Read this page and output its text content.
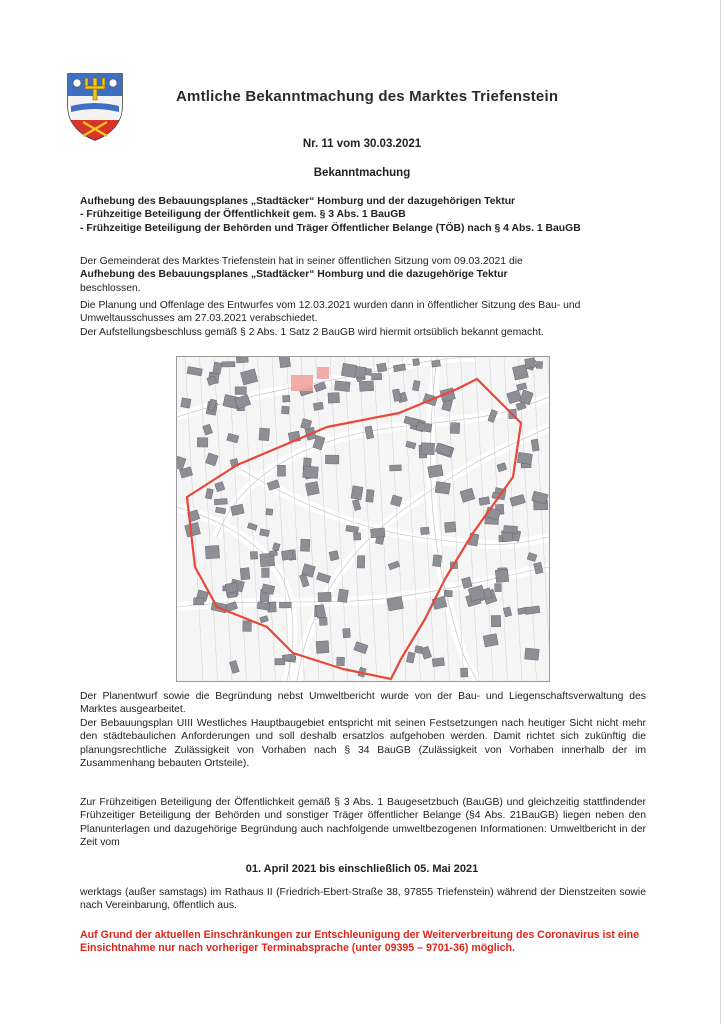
Amtliche Bekanntmachung des Marktes Triefenstein
Nr. 11 vom 30.03.2021
Bekanntmachung
Aufhebung des Bebauungsplanes „Stadtäcker“ Homburg und der dazugehörigen Tektur
- Frühzeitige Beteiligung der Öffentlichkeit gem. § 3 Abs. 1 BauGB
- Frühzeitige Beteiligung der Behörden und Träger Öffentlicher Belange (TÖB) nach § 4 Abs. 1 BauGB
Der Gemeinderat des Marktes Triefenstein hat in seiner öffentlichen Sitzung vom 09.03.2021 die
Aufhebung des Bebauungsplanes „Stadtäcker“ Homburg und die dazugehörige Tektur
beschlossen.
Die Planung und Offenlage des Entwurfes vom 12.03.2021 wurden dann in öffentlicher Sitzung des Bau- und Umweltausschusses am 27.03.2021 verabschiedet.
Der Aufstellungsbeschluss gemäß § 2 Abs. 1 Satz 2 BauGB wird hiermit ortsüblich bekannt gemacht.
Der Planentwurf sowie die Begründung nebst Umweltbericht wurde von der Bau- und Liegenschaftsverwaltung des Marktes ausgearbeitet.
Der Bebauungsplan UIII Westliches Hauptbaugebiet entspricht mit seinen Festsetzungen nach heutiger Sicht nicht mehr den städtebaulichen Anforderungen und soll deshalb ersatzlos aufgehoben werden. Damit richtet sich zukünftig die planungsrechtliche Zulässigkeit von Vorhaben nach § 34 BauGB (Zulässigkeit von Vorhaben innerhalb der im Zusammenhang bebauten Ortsteile).
Zur Frühzeitigen Beteiligung der Öffentlichkeit gemäß § 3 Abs. 1 Baugesetzbuch (BauGB) und gleichzeitig stattfindender Frühzeitiger Beteiligung der Behörden und sonstiger Träger öffentlicher Belange (§4 Abs. 21BauGB) liegen neben den Planunterlagen und dazugehörige Begründung auch nachfolgende umweltbezogenen Informationen: Umweltbericht in der Zeit vom
01. April 2021 bis einschließlich 05. Mai 2021
werktags (außer samstags) im Rathaus II (Friedrich-Ebert-Straße 38, 97855 Triefenstein) während der Dienstzeiten sowie nach Vereinbarung, öffentlich aus.
Auf Grund der aktuellen Einschränkungen zur Entschleunigung der Weiterverbreitung des Coronavirus ist eine Einsichtnahme nur nach vorheriger Terminabsprache (unter 09395 – 9701-36) möglich.
